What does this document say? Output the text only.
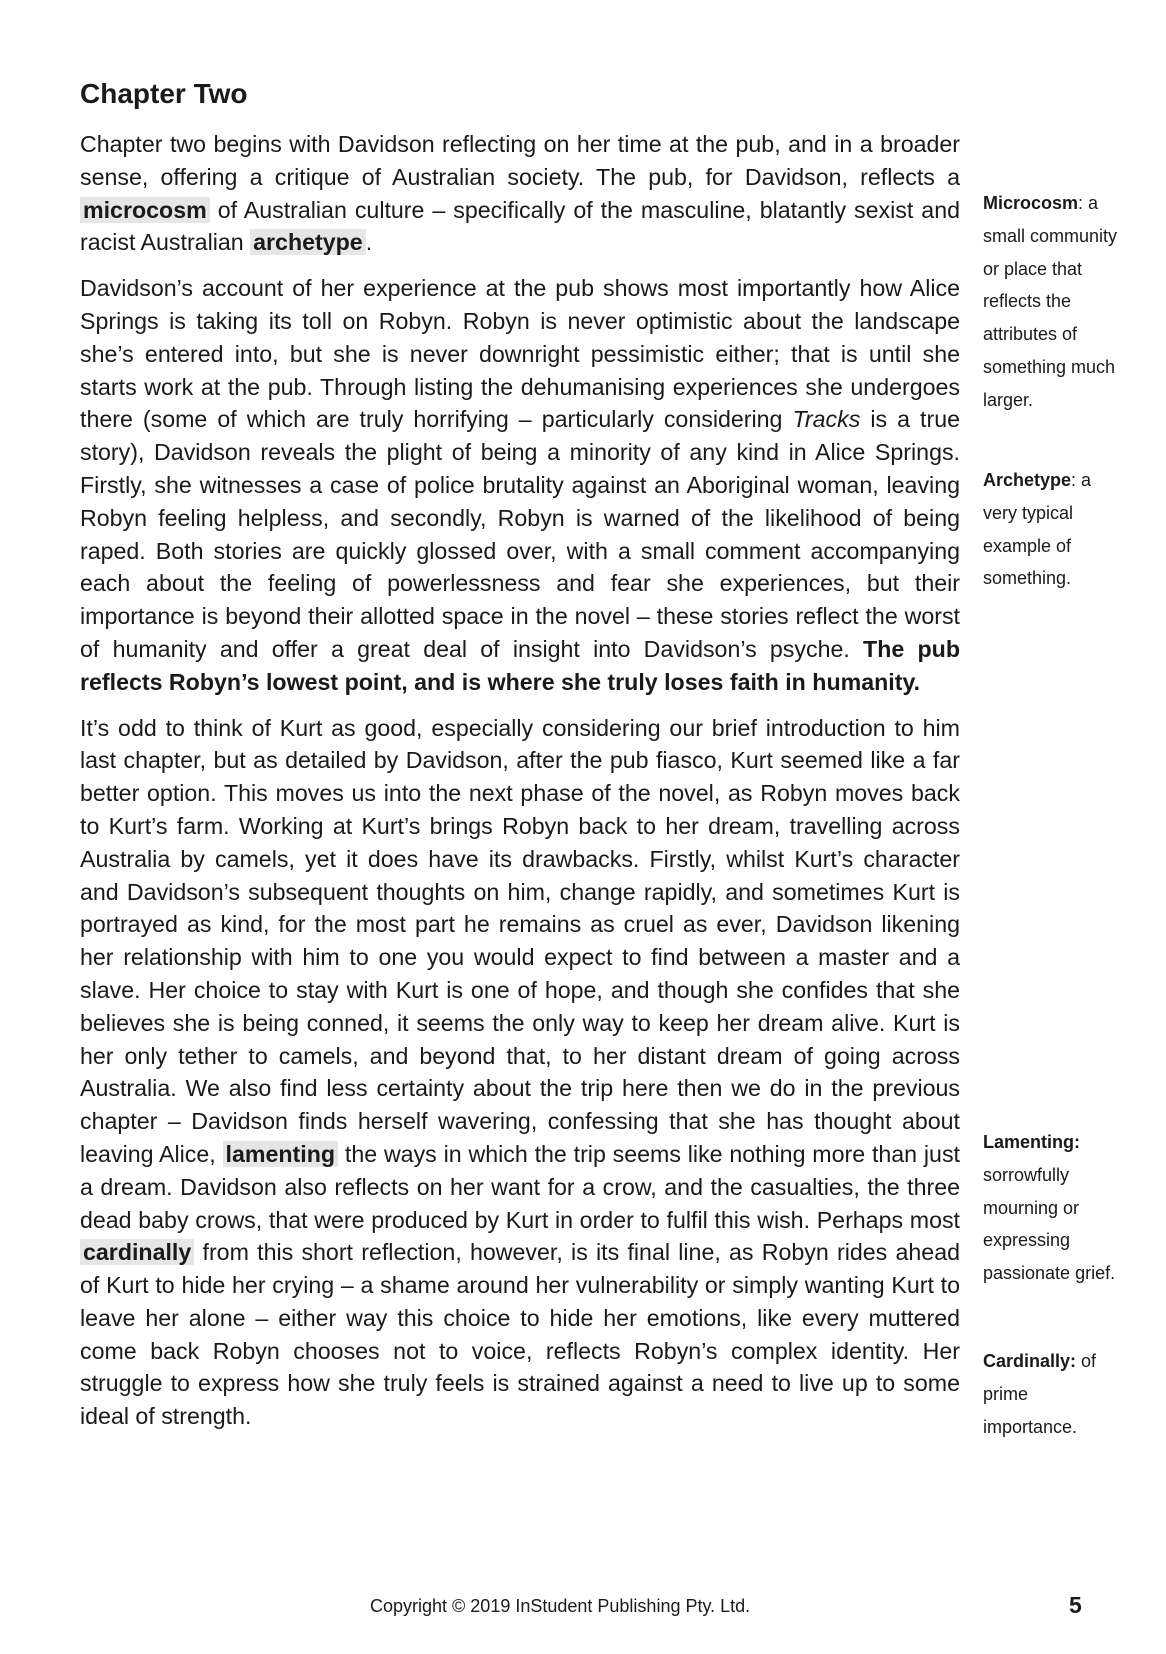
Chapter Two

Chapter two begins with Davidson reflecting on her time at the pub, and in a broader sense, offering a critique of Australian society. The pub, for Davidson, reflects a microcosm of Australian culture – specifically of the masculine, blatantly sexist and racist Australian archetype .

Davidson’s account of her experience at the pub shows most importantly how Alice Springs is taking its toll on Robyn. Robyn is never optimistic about the landscape she’s entered into, but she is never downright pessimistic either; that is until she starts work at the pub. Through listing the dehumanising experiences she undergoes there (some of which are truly horrifying – particularly considering Tracks is a true story), Davidson reveals the plight of being a minority of any kind in Alice Springs. Firstly, she witnesses a case of police brutality against an Aboriginal woman, leaving Robyn feeling helpless, and secondly, Robyn is warned of the likelihood of being raped. Both stories are quickly glossed over, with a small comment accompanying each about the feeling of powerlessness and fear she experiences, but their importance is beyond their allotted space in the novel – these stories reflect the worst of humanity and offer a great deal of insight into Davidson’s psyche. The pub reflects Robyn’s lowest point, and is where she truly loses faith in humanity.

It’s odd to think of Kurt as good, especially considering our brief introduction to him last chapter, but as detailed by Davidson, after the pub fiasco, Kurt seemed like a far better option. This moves us into the next phase of the novel, as Robyn moves back to Kurt’s farm. Working at Kurt’s brings Robyn back to her dream, travelling across Australia by camels, yet it does have its drawbacks. Firstly, whilst Kurt’s character and Davidson’s subsequent thoughts on him, change rapidly, and sometimes Kurt is portrayed as kind, for the most part he remains as cruel as ever, Davidson likening her relationship with him to one you would expect to find between a master and a slave. Her choice to stay with Kurt is one of hope, and though she confides that she believes she is being conned, it seems the only way to keep her dream alive. Kurt is her only tether to camels, and beyond that, to her distant dream of going across Australia. We also find less certainty about the trip here then we do in the previous chapter – Davidson finds herself wavering, confessing that she has thought about leaving Alice, lamenting the ways in which the trip seems like nothing more than just a dream. Davidson also reflects on her want for a crow, and the casualties, the three dead baby crows, that were produced by Kurt in order to fulfil this wish. Perhaps most cardinally from this short reflection, however, is its final line, as Robyn rides ahead of Kurt to hide her crying – a shame around her vulnerability or simply wanting Kurt to leave her alone – either way this choice to hide her emotions, like every muttered come back Robyn chooses not to voice, reflects Robyn’s complex identity. Her struggle to express how she truly feels is strained against a need to live up to some ideal of strength.

Microcosm: a small community or place that reflects the attributes of something much larger.
Archetype: a very typical example of something.
Lamenting: sorrowfully mourning or expressing passionate grief.
Cardinally: of prime importance.
Copyright © 2019 InStudent Publishing Pty. Ltd.	5
